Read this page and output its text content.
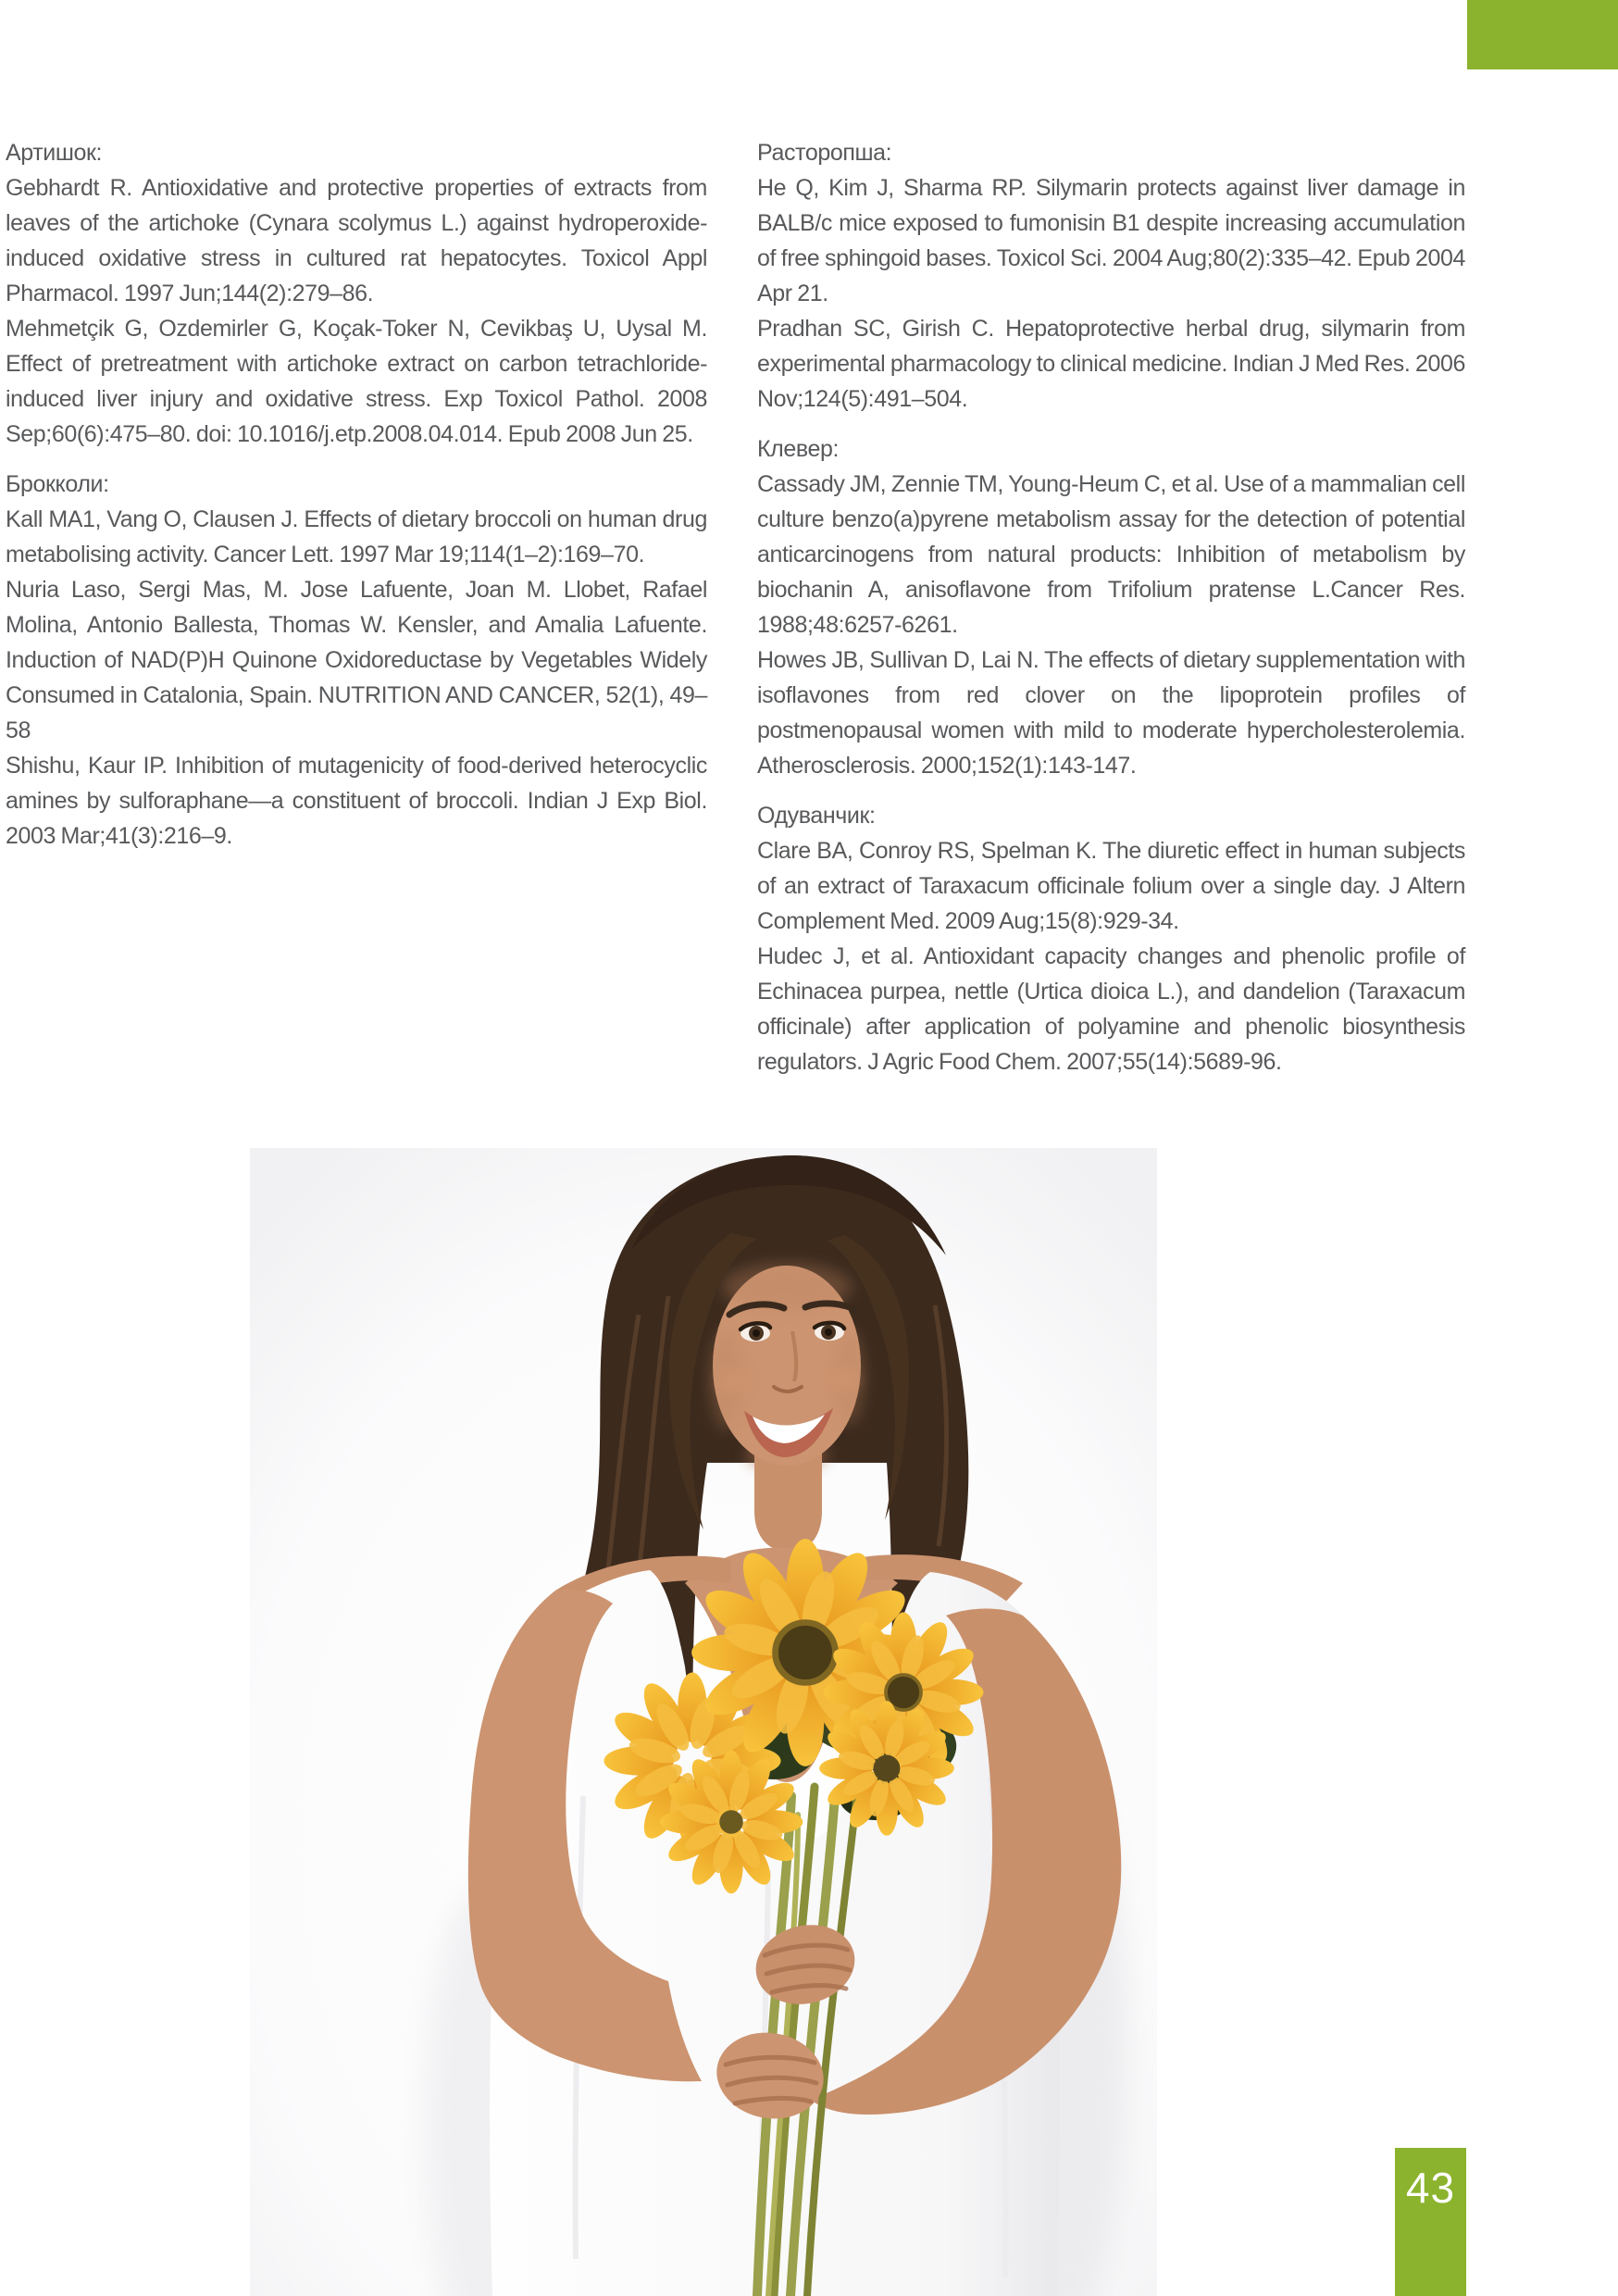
Артишок:

Gebhardt R. Antioxidative and protective properties of extracts from leaves of the artichoke (Cynara scolymus L.) against hydroperoxide-induced oxidative stress in cultured rat hepatocytes. Toxicol Appl Pharmacol. 1997 Jun;144(2):279–86.

Mehmetçik G, Ozdemirler G, Koçak-Toker N, Cevikbaş U, Uysal M. Effect of pretreatment with artichoke extract on carbon tetrachloride-induced liver injury and oxidative stress. Exp Toxicol Pathol. 2008 Sep;60(6):475–80. doi: 10.1016/j.etp.2008.04.014. Epub 2008 Jun 25.

Брокколи:

Kall MA1, Vang O, Clausen J. Effects of dietary broccoli on human drug metabolising activity. Cancer Lett. 1997 Mar 19;114(1–2):169–70.

Nuria Laso, Sergi Mas, M. Jose Lafuente, Joan M. Llobet, Rafael Molina, Antonio Ballesta, Thomas W. Kensler, and Amalia Lafuente. Induction of NAD(P)H Quinone Oxidoreductase by Vegetables Widely Consumed in Catalonia, Spain. NUTRITION AND CANCER, 52(1), 49–58

Shishu, Kaur IP. Inhibition of mutagenicity of food-derived heterocyclic amines by sulforaphane—a constituent of broccoli. Indian J Exp Biol. 2003 Mar;41(3):216–9.

Расторопша:

He Q, Kim J, Sharma RP. Silymarin protects against liver damage in BALB/c mice exposed to fumonisin B1 despite increasing accumulation of free sphingoid bases. Toxicol Sci. 2004 Aug;80(2):335–42. Epub 2004 Apr 21.

Pradhan SC, Girish C. Hepatoprotective herbal drug, silymarin from experimental pharmacology to clinical medicine. Indian J Med Res. 2006 Nov;124(5):491–504.

Клевер:

Cassady JM, Zennie TM, Young-Heum C, et al. Use of a mammalian cell culture benzo(a)pyrene metabolism assay for the detection of potential anticarcinogens from natural products: Inhibition of metabolism by biochanin A, anisoflavone from Trifolium pratense L.Cancer Res. 1988;48:6257-6261.

Howes JB, Sullivan D, Lai N. The effects of dietary supplementation with isoflavones from red clover on the lipoprotein profiles of postmenopausal women with mild to moderate hypercholesterolemia. Atherosclerosis. 2000;152(1):143-147.

Одуванчик:

Clare BA, Conroy RS, Spelman K. The diuretic effect in human subjects of an extract of Taraxacum officinale folium over a single day. J Altern Complement Med. 2009 Aug;15(8):929-34.

Hudec J, et al. Antioxidant capacity changes and phenolic profile of Echinacea purpea, nettle (Urtica dioica L.), and dandelion (Taraxacum officinale) after application of polyamine and phenolic biosynthesis regulators. J Agric Food Chem. 2007;55(14):5689-96.

43
